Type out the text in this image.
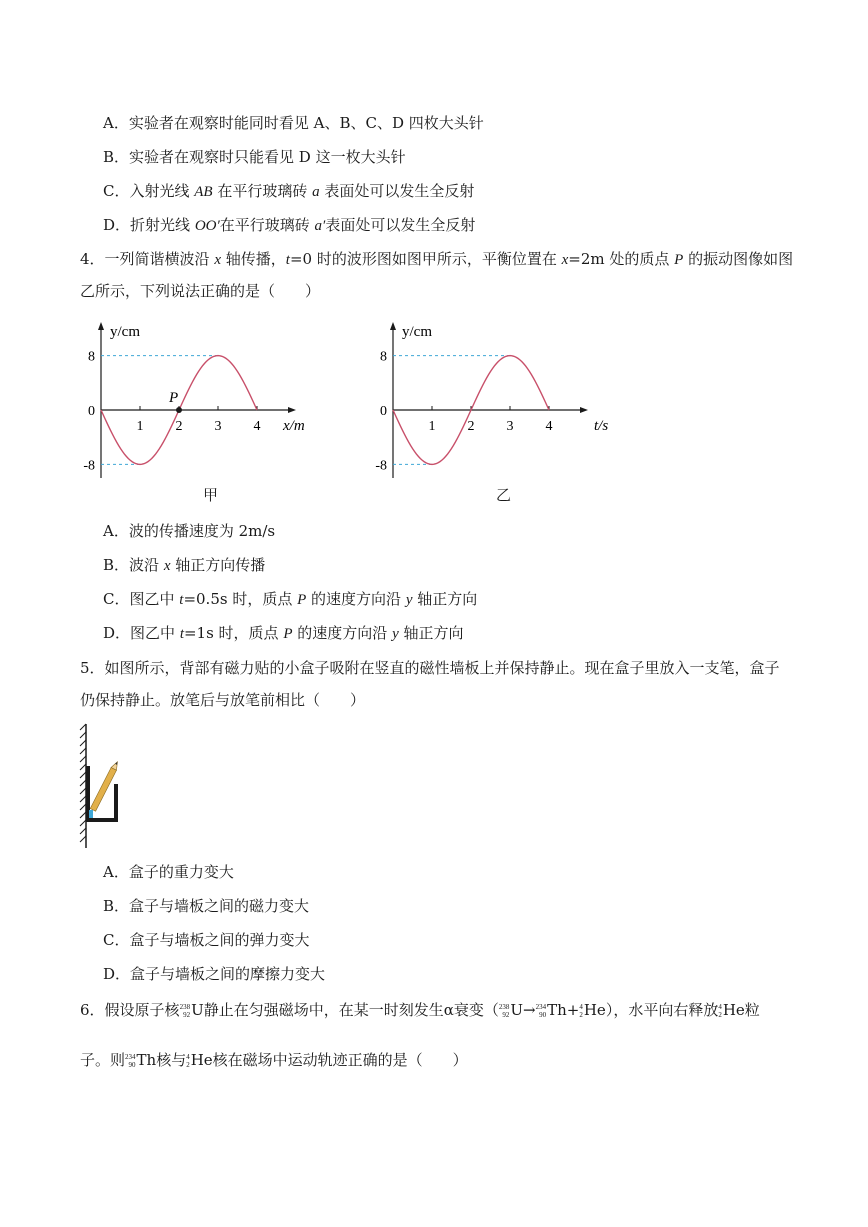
A．实验者在观察时能同时看见 A、B、C、D 四枚大头针
B．实验者在观察时只能看见 D 这一枚大头针
C．入射光线 AB 在平行玻璃砖 a 表面处可以发生全反射
D．折射光线 OO′在平行玻璃砖 a′表面处可以发生全反射
4．一列简谐横波沿 x 轴传播，t=0 时的波形图如图甲所示，平衡位置在 x=2m 处的质点 P 的振动图像如图
乙所示，下列说法正确的是（　　）
y/cm
x/m
8
0
-8
1 2 3 4
P
甲
y/cm
t/s
8
0
-8
1 2 3 4
乙
A．波的传播速度为 2m/s
B．波沿 x 轴正方向传播
C．图乙中 t=0.5s 时，质点 P 的速度方向沿 y 轴正方向
D．图乙中 t=1s 时，质点 P 的速度方向沿 y 轴正方向
5．如图所示，背部有磁力贴的小盒子吸附在竖直的磁性墙板上并保持静止。现在盒子里放入一支笔，盒子
仍保持静止。放笔后与放笔前相比（　　）
A．盒子的重力变大
B．盒子与墙板之间的磁力变大
C．盒子与墙板之间的弹力变大
D．盒子与墙板之间的摩擦力变大
6．假设原子核 238
92 U静止在匀强磁场中，在某一时刻发生α衰变（ 238
92 U→ 234
90 Th+ 4
2 He），水平向右释放 4
2 He粒
子。则 234
90 Th核与 4
2 He核在磁场中运动轨迹正确的是（　　）
